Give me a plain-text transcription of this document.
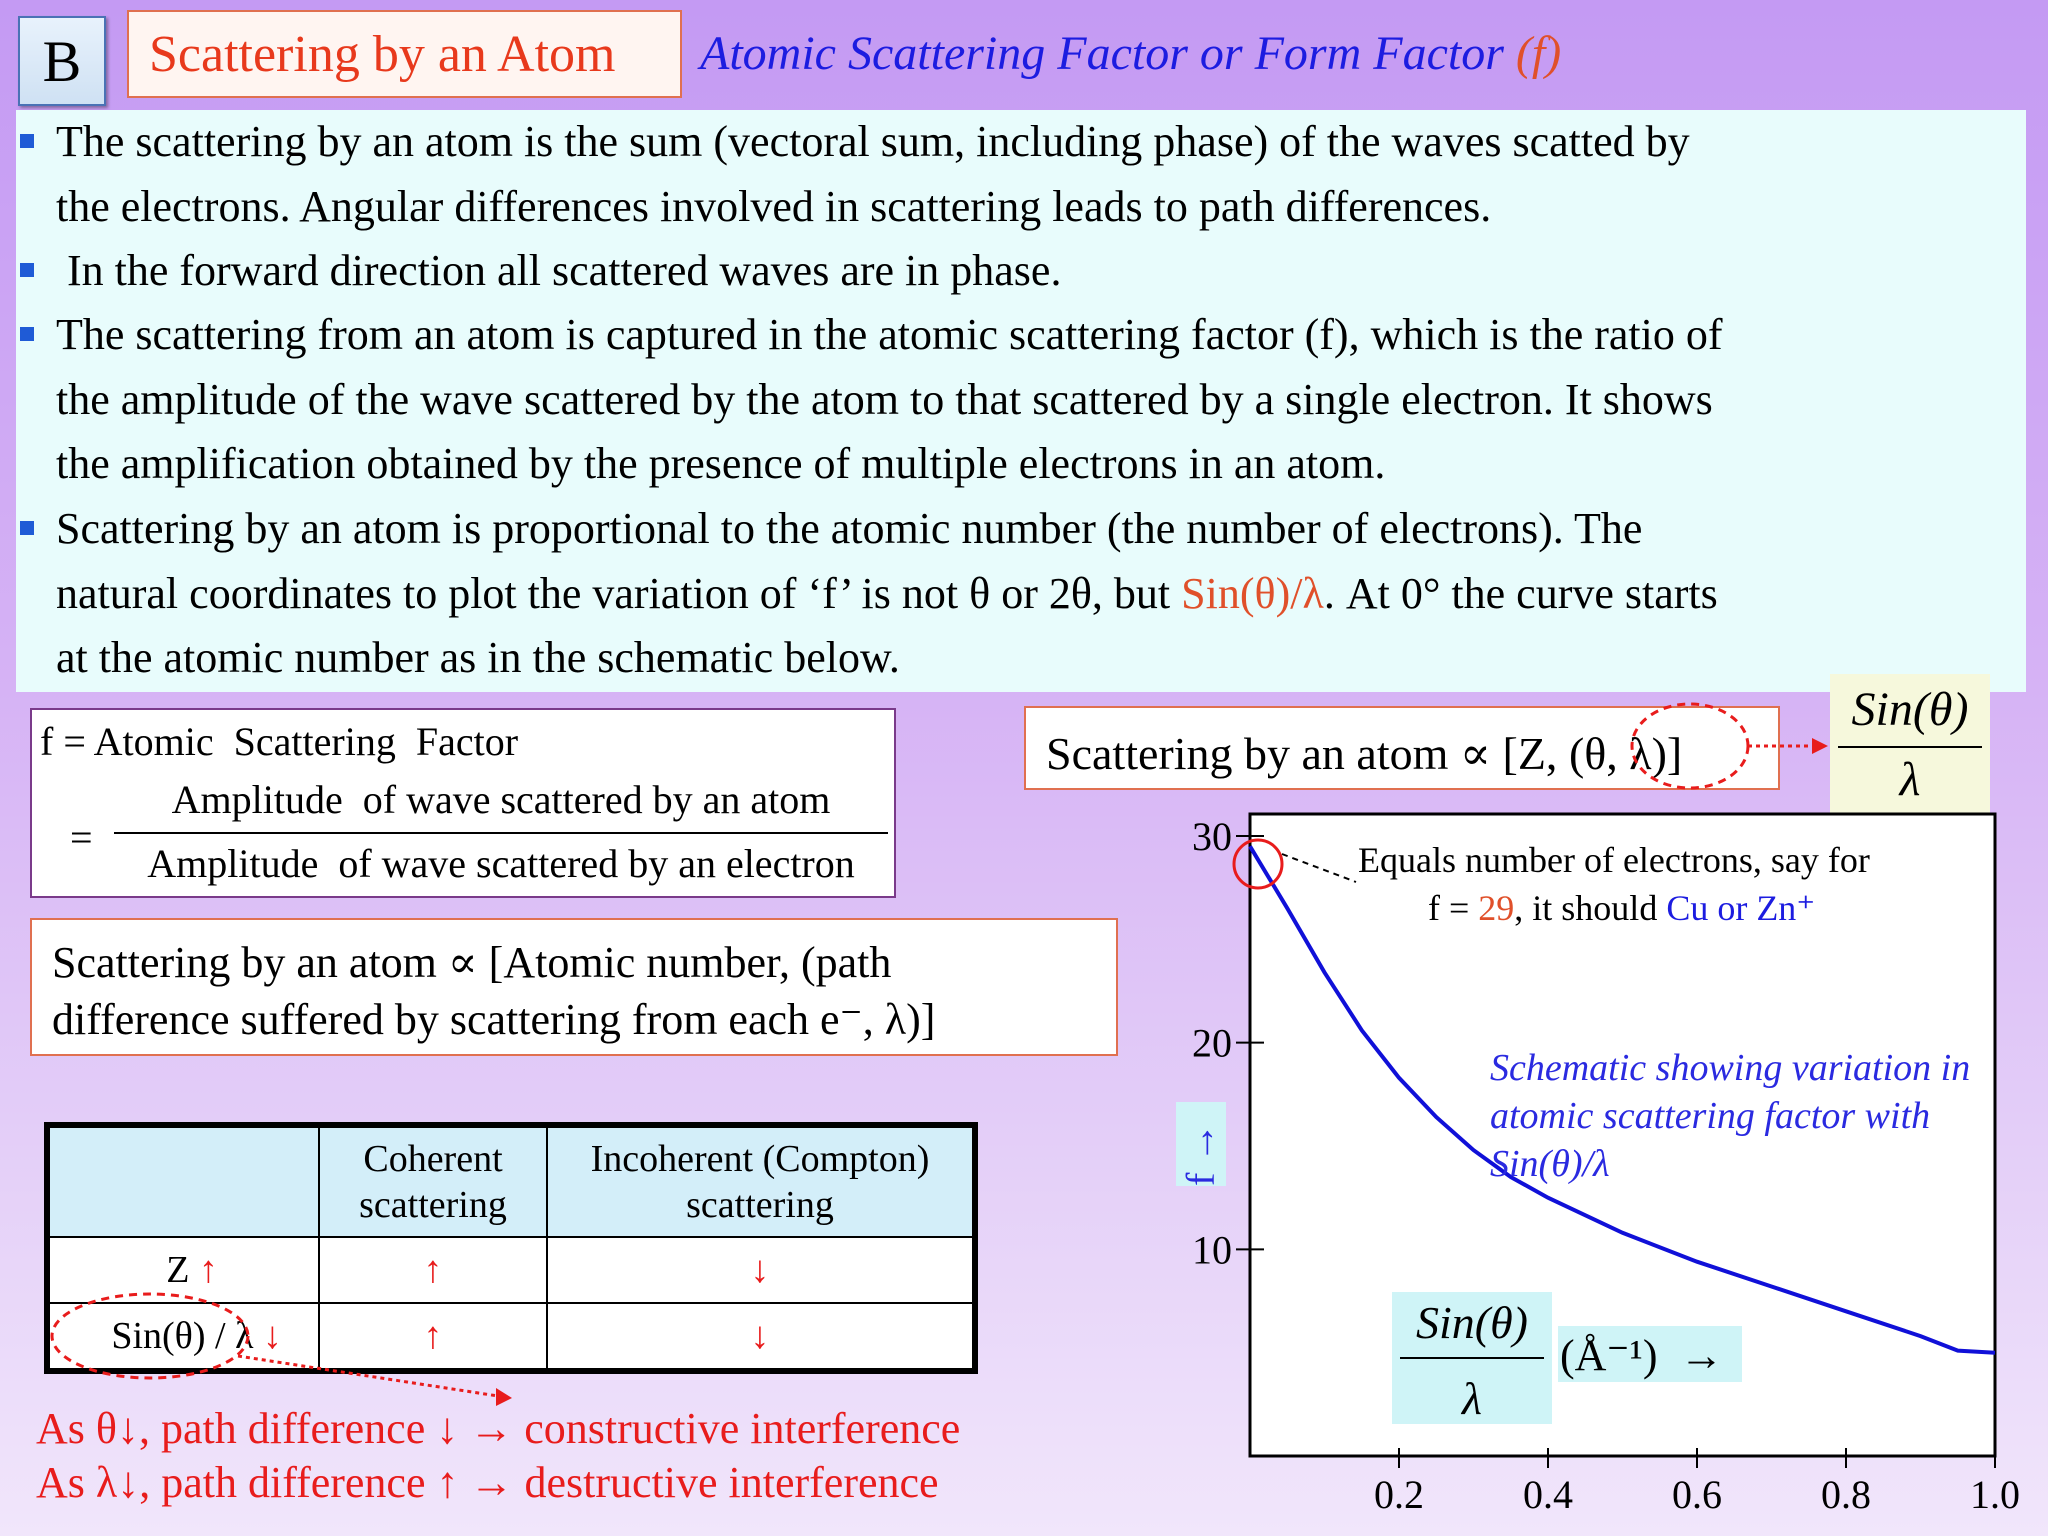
B Scattering by an Atom Atomic Scattering Factor or Form Factor (f)
The scattering by an atom is the sum (vectoral sum, including phase) of the waves scatted by
the electrons. Angular differences involved in scattering leads to path differences.
In the forward direction all scattered waves are in phase.
The scattering from an atom is captured in the atomic scattering factor (f), which is the ratio of
the amplitude of the wave scattered by the atom to that scattered by a single electron. It shows
the amplification obtained by the presence of multiple electrons in an atom.
Scattering by an atom is proportional to the atomic number (the number of electrons). The
natural coordinates to plot the variation of ‘f’ is not θ or 2θ, but Sin(θ)/λ. At 0° the curve starts
at the atomic number as in the schematic below.
f = Atomic  Scattering  Factor
=
Amplitude  of wave scattered by an atom
Amplitude  of wave scattered by an electron
Scattering by an atom ∝ [Atomic number, (path
difference suffered by scattering from each e⁻, λ)]
Scattering by an atom ∝ [Z, (θ, λ)]
Sin(θ)
λ
	Coherent scattering	Incoherent (Compton) scattering
Z ↑	↑	↓
Sin(θ) / λ ↓	↑	↓
As θ↓, path difference ↓ → constructive interference
As λ↓, path difference ↑ → destructive interference
10
20
30
0.2 0.4 0.6 0.8 1.0
Equals number of electrons, say for
f = 29, it should Cu or Zn⁺
Schematic showing variation in
atomic scattering factor with
Sin(θ)/λ
f →
Sin(θ)
λ
(Å⁻¹)  →
